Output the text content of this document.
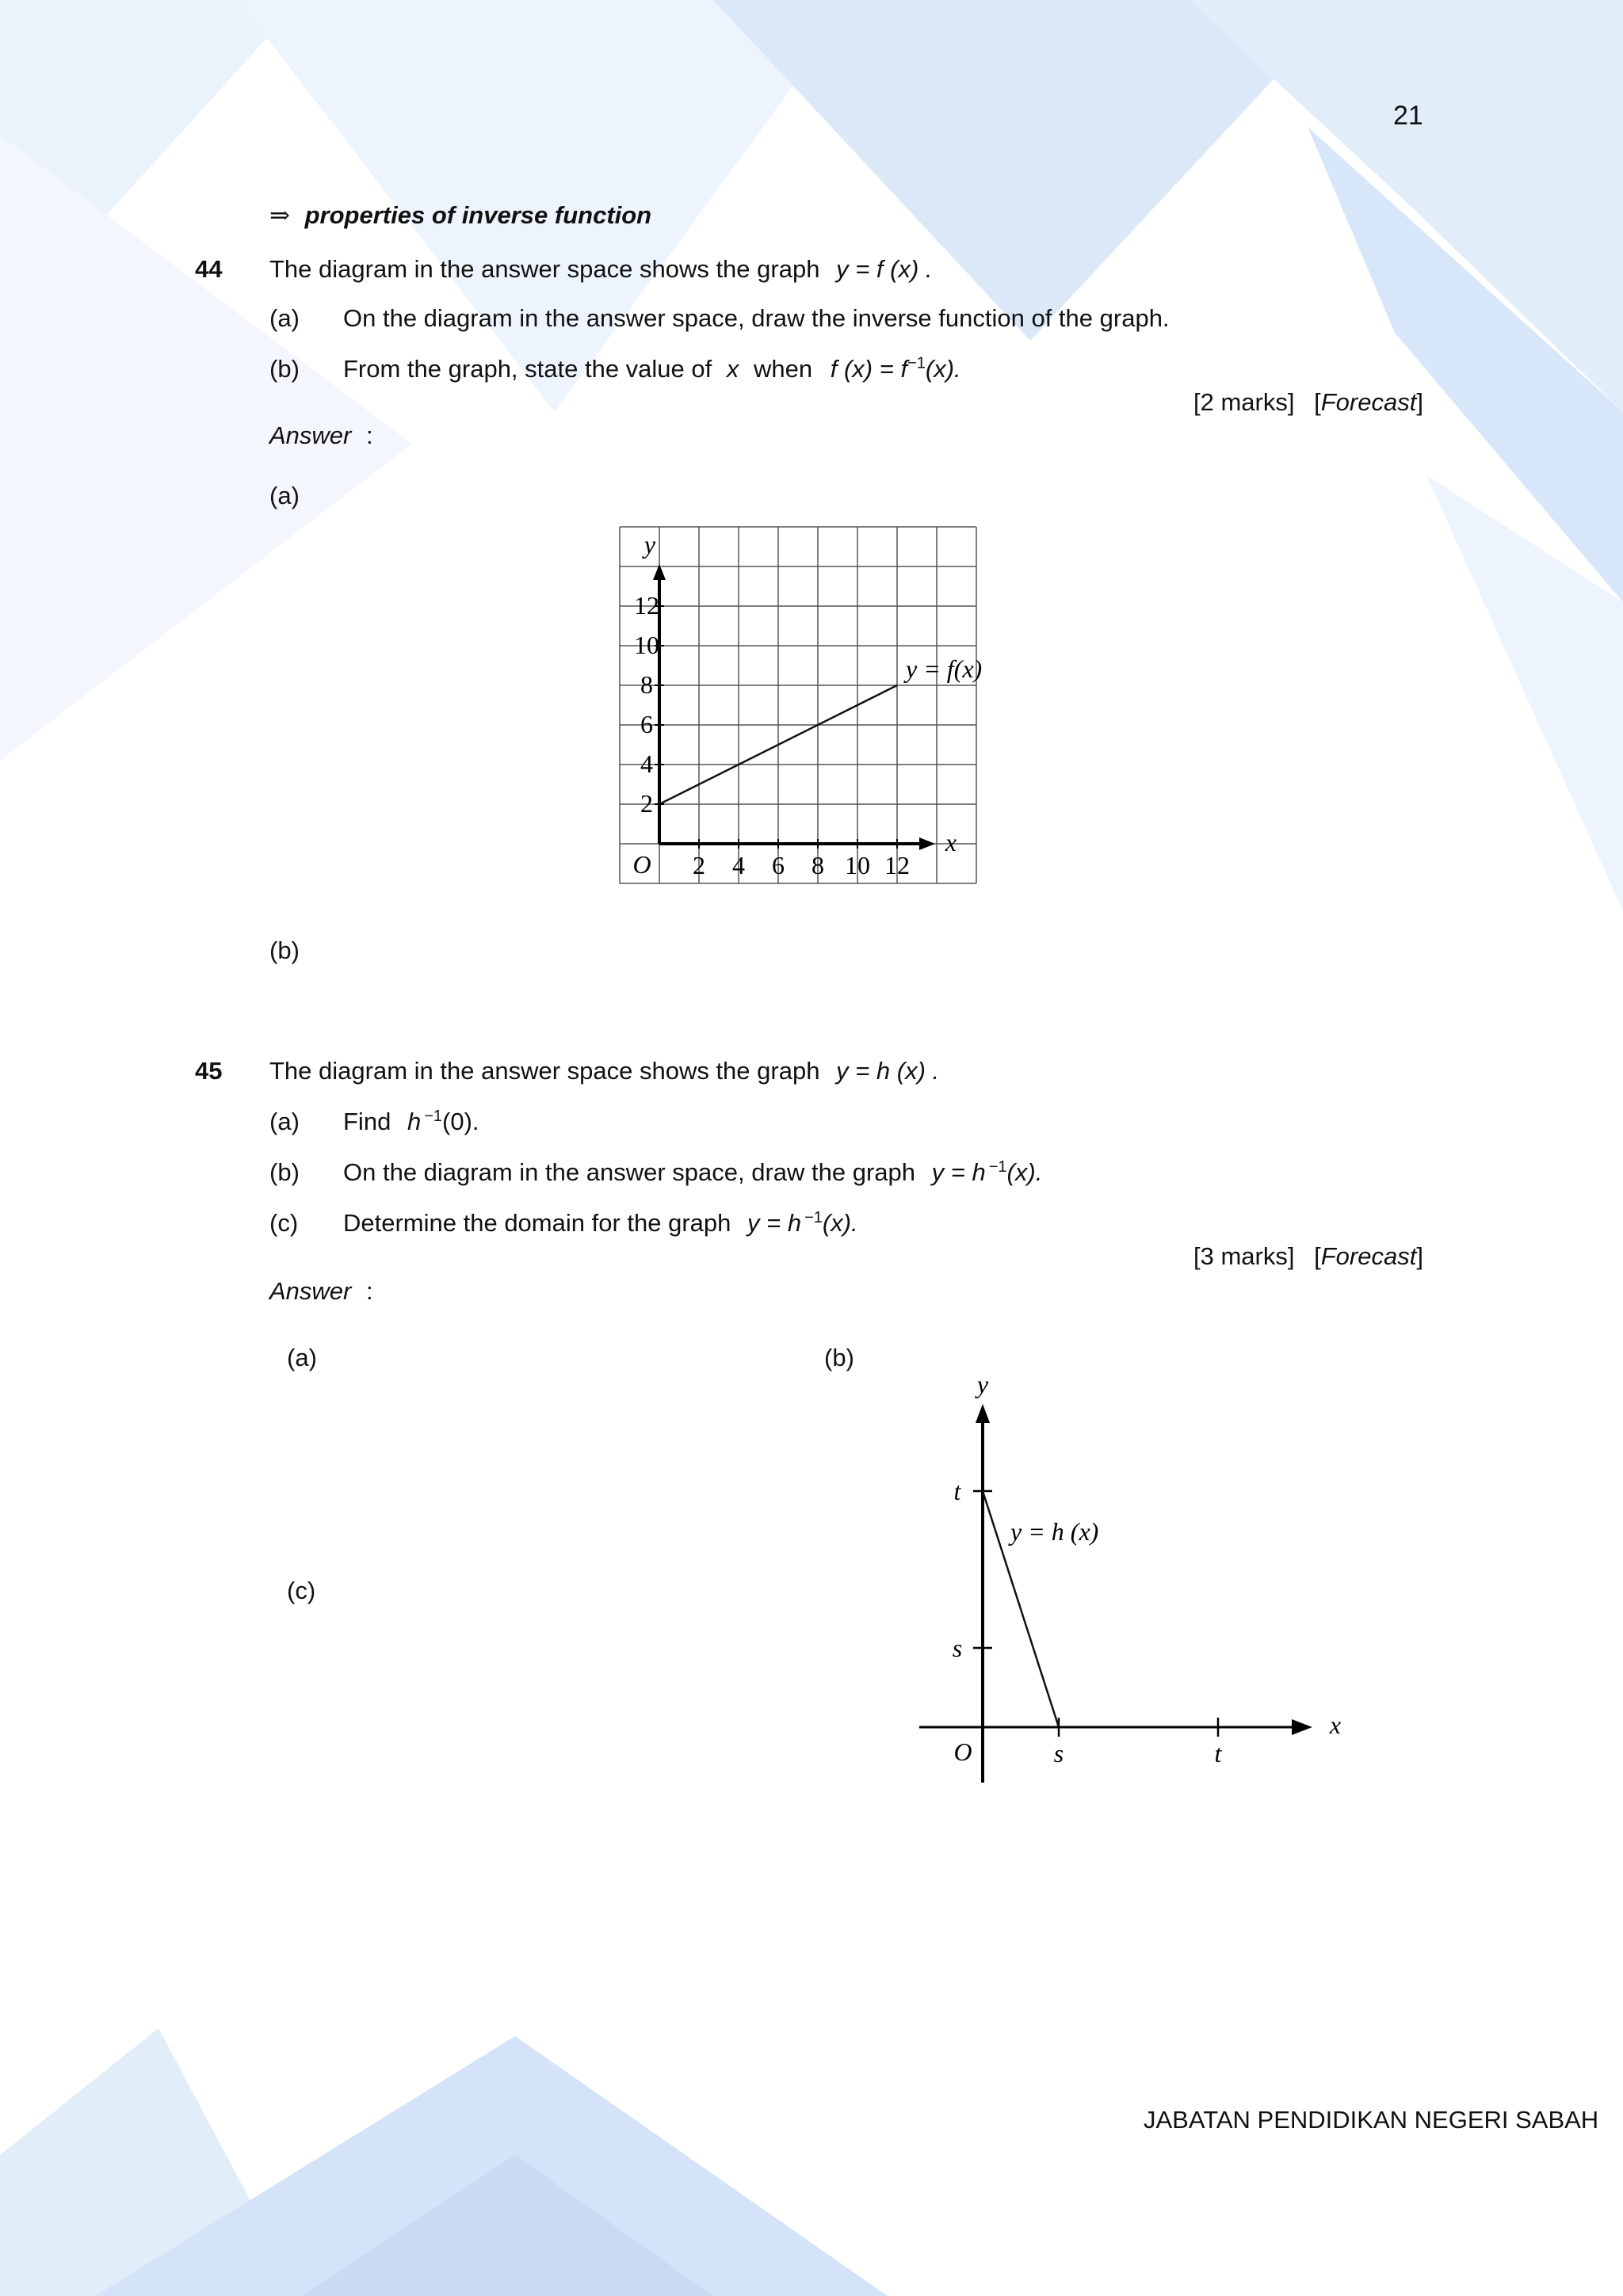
21
⇒ properties of inverse function
44 The diagram in the answer space shows the graph y = f (x) .
(a) On the diagram in the answer space, draw the inverse function of the graph.
(b) From the graph, state the value of x when f $(x) = f^{-1}(x)$.
[2 marks] [Forecast]
Answer :
(a)
y
x
O
2
4
6
8
10
12
2 4 6 8 10 12
y = f(x)
(b)
45 The diagram in the answer space shows the graph y = h (x) .
(a) Find h $^{-1}$(0).
(b) On the diagram in the answer space, draw the graph y = h $^{-1}$(x).
(c) Determine the domain for the graph y = h $^{-1}$(x).
[3 marks] [Forecast]
Answer :
(a)	(b)
(c)
y
x
O
t
s
s	t
y = h (x)
JABATAN PENDIDIKAN NEGERI SABAH
